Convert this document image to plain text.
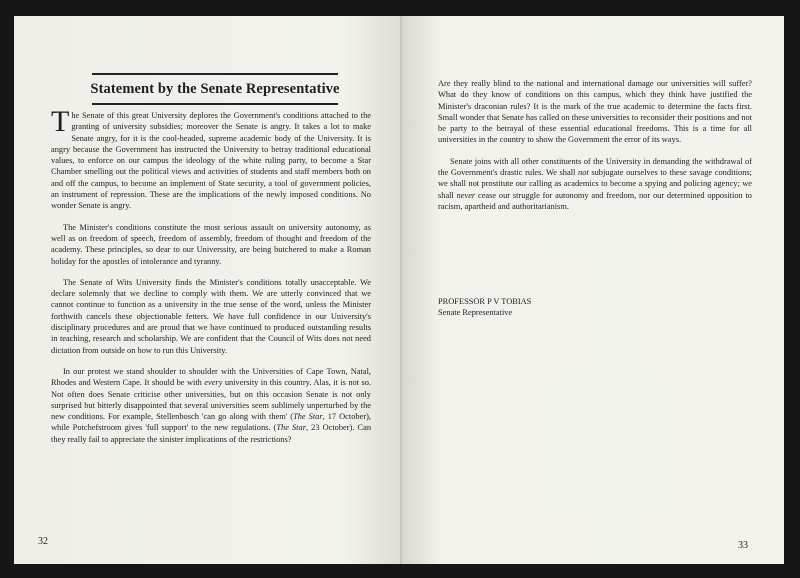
Statement by the Senate Representative

The Senate of this great University deplores the Government's conditions attached to the granting of university subsidies; moreover the Senate is angry. It takes a lot to make Senate angry, for it is the cool-headed, supreme academic body of the University. It is angry because the Government has instructed the University to betray traditional educational values, to enforce on our campus the ideology of the white ruling party, to become a Star Chamber smelling out the political views and activities of students and staff members both on and off the campus, to become an implement of State security, a tool of government policies, an instrument of repression. These are the implications of the newly imposed conditions. No wonder Senate is angry.

The Minister's conditions constitute the most serious assault on university autonomy, as well as on freedom of speech, freedom of assembly, freedom of thought and freedom of the academy. These principles, so dear to our Universsity, are being butchered to make a Roman holiday for the apostles of intolerance and tyranny.

The Senate of Wits University finds the Minister's conditions totally unacceptable. We declare solemnly that we decline to comply with them. We are utterly convinced that we cannot continue to function as a university in the true sense of the word, unless the Minister forthwith cancels these objectionable fetters. We have full confidence in our University's disciplinary procedures and are proud that we have continued to produced outstanding results in teaching, research and scholarship. We are confident that the Council of Wits does not need dictation from outside on how to run this University.

In our protest we stand shoulder to shoulder with the Universities of Cape Town, Natal, Rhodes and Western Cape. It should be with every university in this country. Alas, it is not so. Not often does Senate criticise other universities, but on this occasion Senate is not only surprised but bitterly disappointed that several universities seem sublimely unperturbed by the new conditions. For example, Stellenbosch 'can go along with them' (The Star, 17 October), while Potchefstroom gives 'full support' to the new regulations. (The Star, 23 October). Can they really fail to appreciate the sinister implications of the restrictions?

32

Are they really blind to the national and international damage our universities will suffer? What do they know of conditions on this campus, which they think have justified the Minister's draconian rules? It is the mark of the true academic to determine the facts first. Small wonder that Senate has called on these universities to reconsider their positions and not be party to the betrayal of these essential educational freedoms. This is a time for all universities in the country to show the Government the error of its ways.

Senate joins with all other constituents of the University in demanding the withdrawal of the Government's drastic rules. We shall not subjugate ourselves to these savage conditions; we shall not prostitute our calling as academics to become a spying and policing agency; we shall never cease our struggle for autonomy and freedom, nor our determined opposition to racism, apartheid and authoritarianism.

PROFESSOR P V TOBIAS
Senate Representative
33
